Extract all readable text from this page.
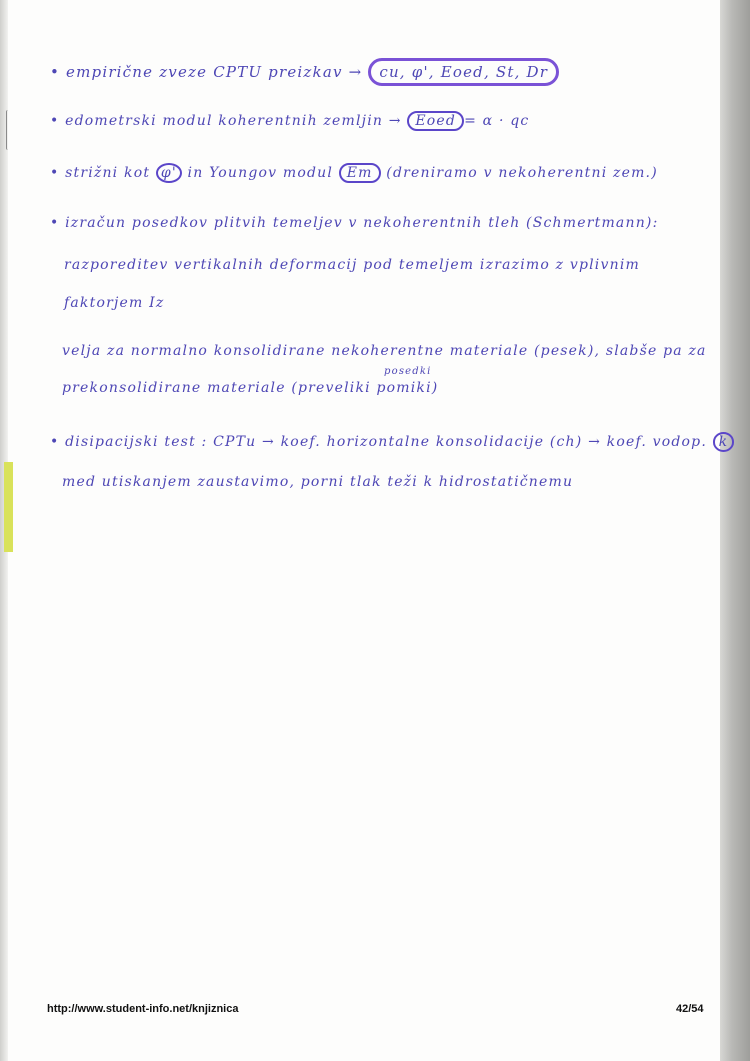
• empirične zveze CPTU preizkav → cu, φ', Eoed, St, Dr
• edometrski modul koherentnih zemljin → Eoed = α · qc
• strižni kot φ' in Youngov modul Em (dreniramo v nekoherentni zem.)
• izračun posedkov plitvih temeljev v nekoherentnih tleh (Schmertmann):
razporeditev vertikalnih deformacij pod temeljem izrazimo z vplivnim
faktorjem Iz
velja za normalno konsolidirane nekoherentne materiale (pesek), slabše pa za
posedki
prekonsolidirane materiale (preveliki pomiki)
• disipacijski test : CPTu → koef. horizontalne konsolidacije (ch) → koef. vodop. k
med utiskanjem zaustavimo, porni tlak teži k hidrostatičnemu
http://www.student-info.net/knjiznica	42/54
